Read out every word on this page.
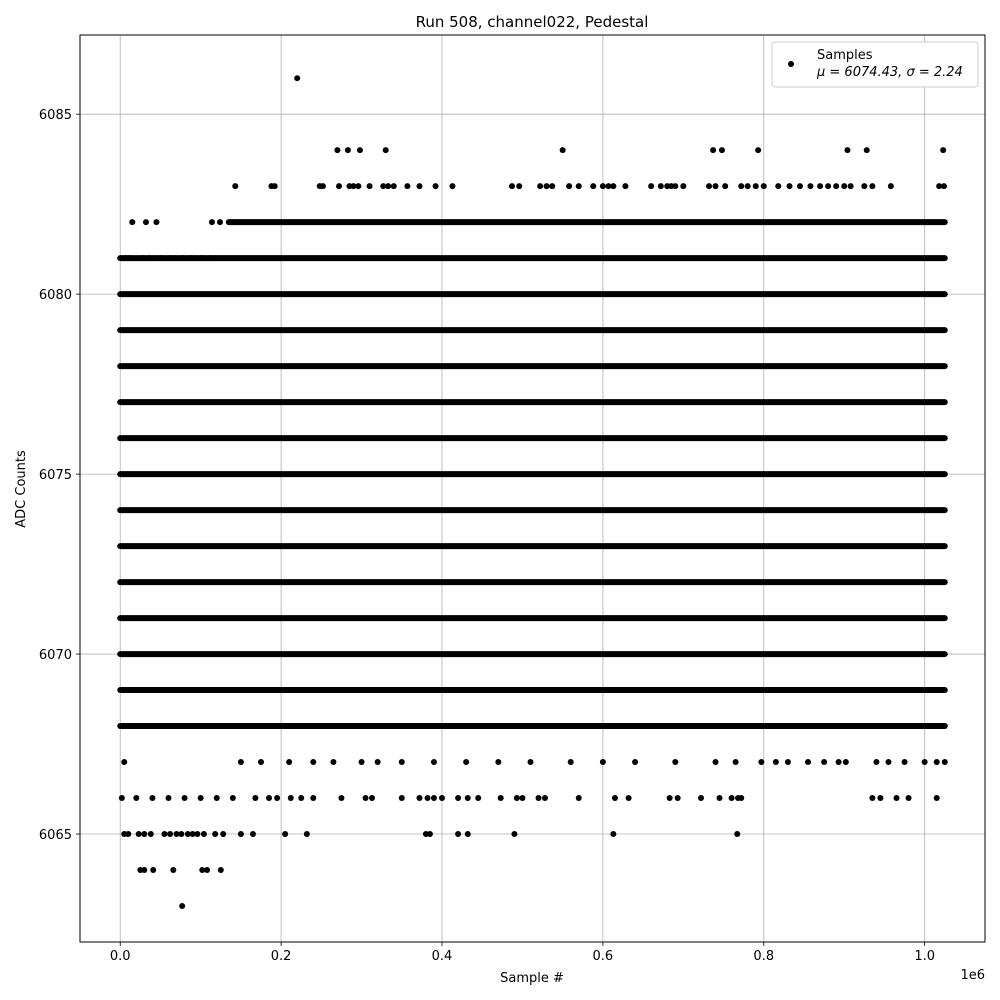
Run 508, channel022, Pedestal
0.0	0.2	0.4	0.6	0.8	1.0
6065
6070
6075
6080
6085
1e6
Sample #
ADC Counts
Samples
μ = 6074.43, σ = 2.24
